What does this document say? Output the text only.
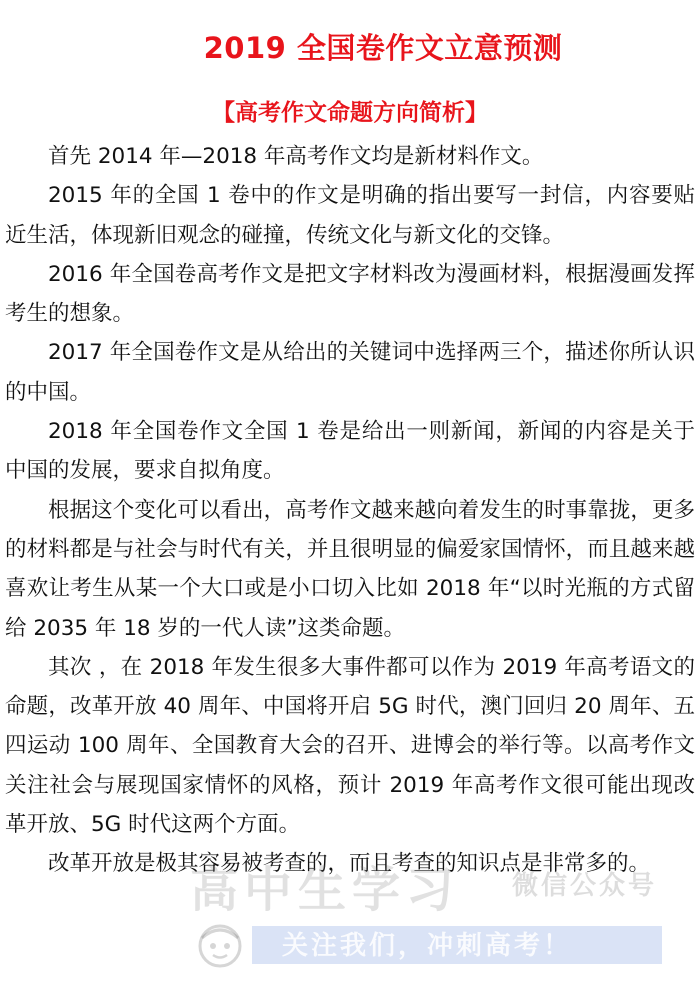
2019 全国卷作文立意预测
【高考作文命题方向简析】

首先 2014 年—2018 年高考作文均是新材料作文。

2015 年的全国 1 卷中的作文是明确的指出要写一封信，内容要贴近生活，体现新旧观念的碰撞，传统文化与新文化的交锋。

2016 年全国卷高考作文是把文字材料改为漫画材料，根据漫画发挥考生的想象。

2017 年全国卷作文是从给出的关键词中选择两三个，描述你所认识的中国。

2018 年全国卷作文全国 1 卷是给出一则新闻，新闻的内容是关于中国的发展，要求自拟角度。

根据这个变化可以看出，高考作文越来越向着发生的时事靠拢，更多的材料都是与社会与时代有关，并且很明显的偏爱家国情怀，而且越来越喜欢让考生从某一个大口或是小口切入比如 2018 年“以时光瓶的方式留给 2035 年 18 岁的一代人读”这类命题。

其次 ，在 2018 年发生很多大事件都可以作为 2019 年高考语文的命题，改革开放 40 周年、中国将开启 5G 时代，澳门回归 20 周年、五四运动 100 周年、全国教育大会的召开、进博会的举行等。以高考作文关注社会与展现国家情怀的风格，预计 2019 年高考作文很可能出现改革开放、5G 时代这两个方面。

改革开放是极其容易被考查的，而且考查的知识点是非常多的。

高中生学习 微信公众号
关注我们，冲刺高考！
